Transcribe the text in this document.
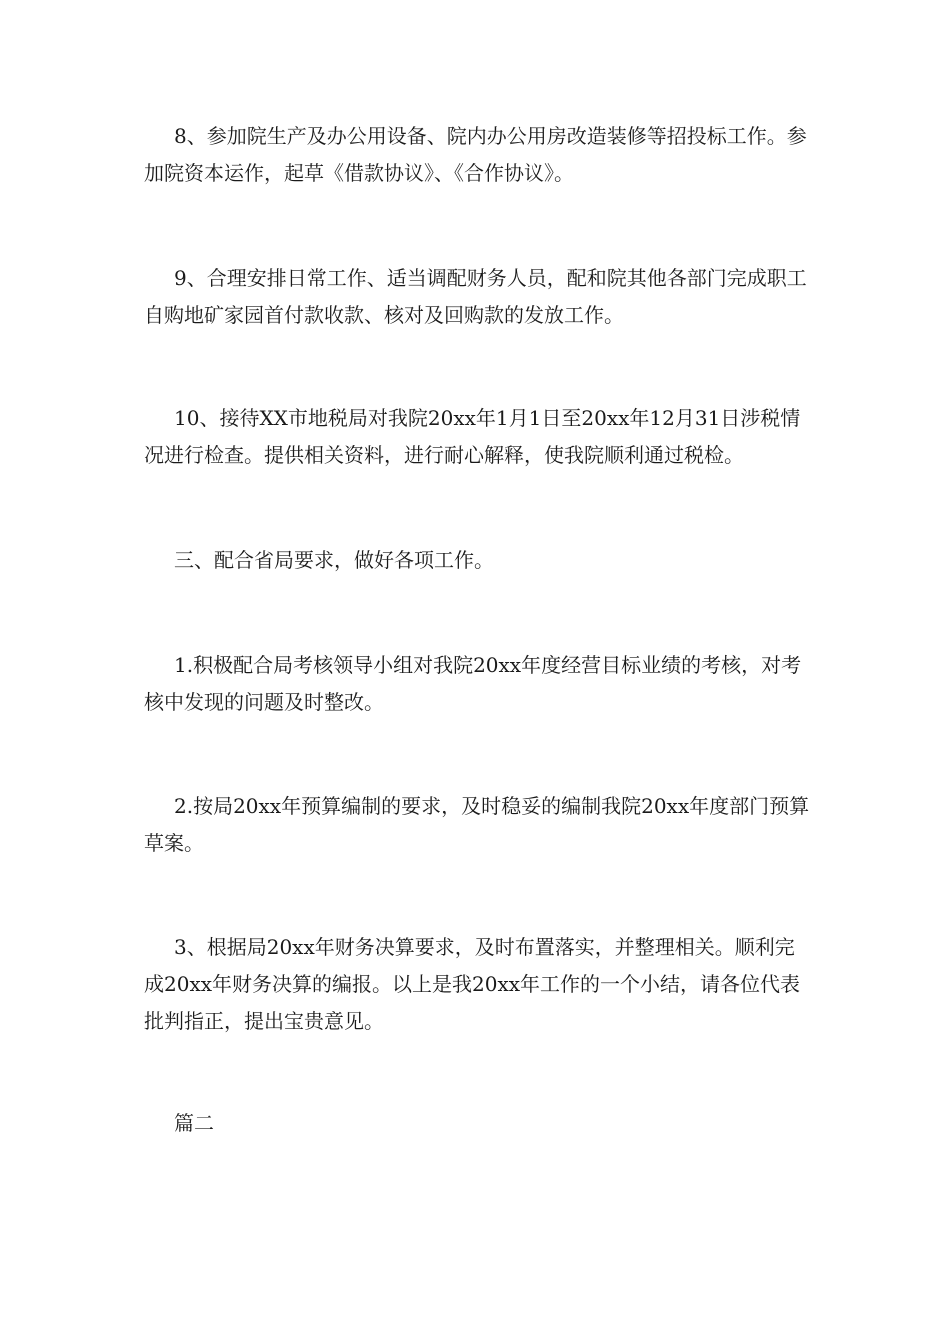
8、参加院生产及办公用设备、院内办公用房改造装修等招投标工作。参加院资本运作，起草《借款协议》、《合作协议》。

9、合理安排日常工作、适当调配财务人员，配和院其他各部门完成职工自购地矿家园首付款收款、核对及回购款的发放工作。

10、接待XX市地税局对我院20xx年1月1日至20xx年12月31日涉税情况进行检查。提供相关资料，进行耐心解释，使我院顺利通过税检。

三、配合省局要求，做好各项工作。

1.积极配合局考核领导小组对我院20xx年度经营目标业绩的考核，对考核中发现的问题及时整改。

2.按局20xx年预算编制的要求，及时稳妥的编制我院20xx年度部门预算草案。

3、根据局20xx年财务决算要求，及时布置落实，并整理相关。顺利完成20xx年财务决算的编报。以上是我20xx年工作的一个小结，请各位代表批判指正，提出宝贵意见。

篇二
